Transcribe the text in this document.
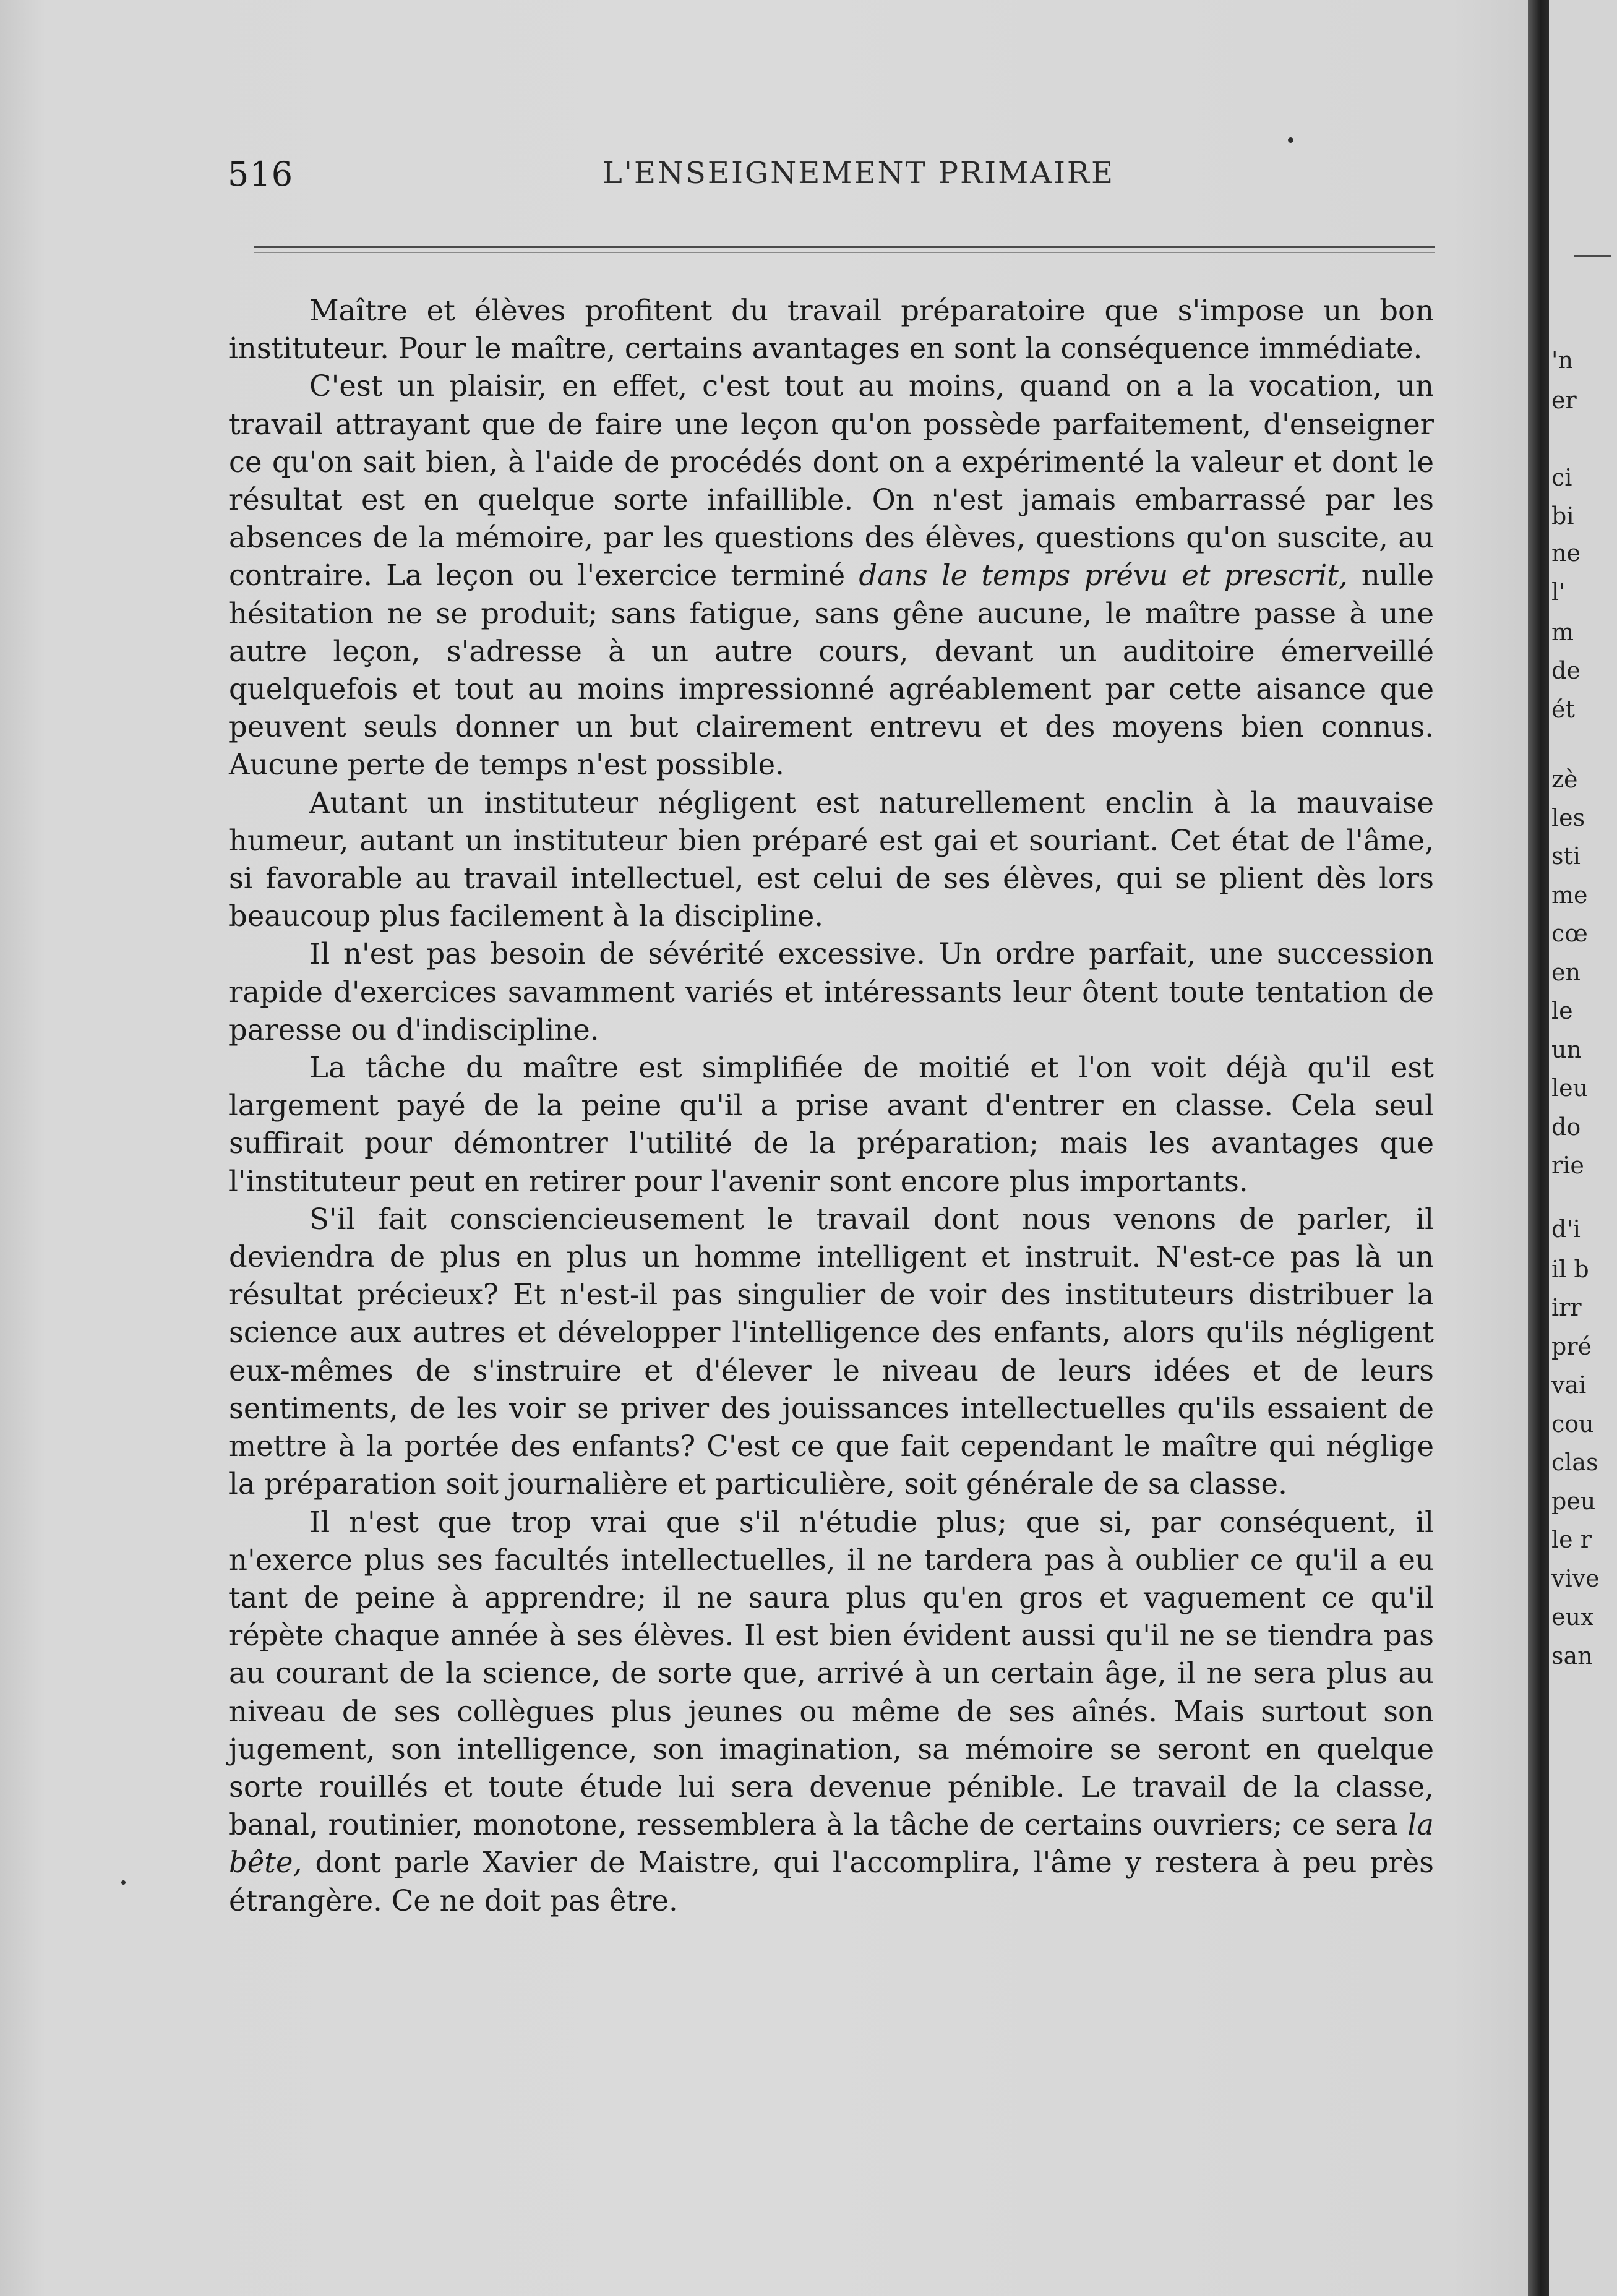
516	L'ENSEIGNEMENT PRIMAIRE

Maître et élèves profitent du travail préparatoire que s'impose un bon instituteur. Pour le maître, certains avantages en sont la conséquence immédiate.

C'est un plaisir, en effet, c'est tout au moins, quand on a la vocation, un travail attrayant que de faire une leçon qu'on possède parfaitement, d'enseigner ce qu'on sait bien, à l'aide de procédés dont on a expérimenté la valeur et dont le résultat est en quelque sorte infaillible. On n'est jamais embarrassé par les absences de la mémoire, par les questions des élèves, questions qu'on suscite, au contraire. La leçon ou l'exercice terminé dans le temps prévu et prescrit, nulle hésitation ne se produit; sans fatigue, sans gêne aucune, le maître passe à une autre leçon, s'adresse à un autre cours, devant un auditoire émerveillé quelquefois et tout au moins impressionné agréablement par cette aisance que peuvent seuls donner un but clairement entrevu et des moyens bien connus. Aucune perte de temps n'est possible.

Autant un instituteur négligent est naturellement enclin à la mauvaise humeur, autant un instituteur bien préparé est gai et souriant. Cet état de l'âme, si favorable au travail intellectuel, est celui de ses élèves, qui se plient dès lors beaucoup plus facilement à la discipline.

Il n'est pas besoin de sévérité excessive. Un ordre parfait, une succession rapide d'exercices savamment variés et intéressants leur ôtent toute tentation de paresse ou d'indiscipline.

La tâche du maître est simplifiée de moitié et l'on voit déjà qu'il est largement payé de la peine qu'il a prise avant d'entrer en classe. Cela seul suffirait pour démontrer l'utilité de la préparation; mais les avantages que l'instituteur peut en retirer pour l'avenir sont encore plus importants.

S'il fait consciencieusement le travail dont nous venons de parler, il deviendra de plus en plus un homme intelligent et instruit. N'est-ce pas là un résultat précieux? Et n'est-il pas singulier de voir des instituteurs distribuer la science aux autres et développer l'intelligence des enfants, alors qu'ils négligent eux-mêmes de s'instruire et d'élever le niveau de leurs idées et de leurs sentiments, de les voir se priver des jouissances intellectuelles qu'ils essaient de mettre à la portée des enfants? C'est ce que fait cependant le maître qui néglige la préparation soit journalière et particulière, soit générale de sa classe.

Il n'est que trop vrai que s'il n'étudie plus; que si, par conséquent, il n'exerce plus ses facultés intellectuelles, il ne tardera pas à oublier ce qu'il a eu tant de peine à apprendre; il ne saura plus qu'en gros et vaguement ce qu'il répète chaque année à ses élèves. Il est bien évident aussi qu'il ne se tiendra pas au courant de la science, de sorte que, arrivé à un certain âge, il ne sera plus au niveau de ses collègues plus jeunes ou même de ses aînés. Mais surtout son jugement, son intelligence, son imagination, sa mémoire se seront en quelque sorte rouillés et toute étude lui sera devenue pénible. Le travail de la classe, banal, routinier, monotone, ressemblera à la tâche de certains ouvriers; ce sera la bête, dont parle Xavier de Maistre, qui l'accomplira, l'âme y restera à peu près étrangère. Ce ne doit pas être.

'n

er

ci

bi

ne

l'

m

de

ét

zè

les

sti

me

cœ

en

le

un

leu

do

rie

d'i

il b

irr

pré

vai

cou

clas

peu

le r

vive

eux

san
